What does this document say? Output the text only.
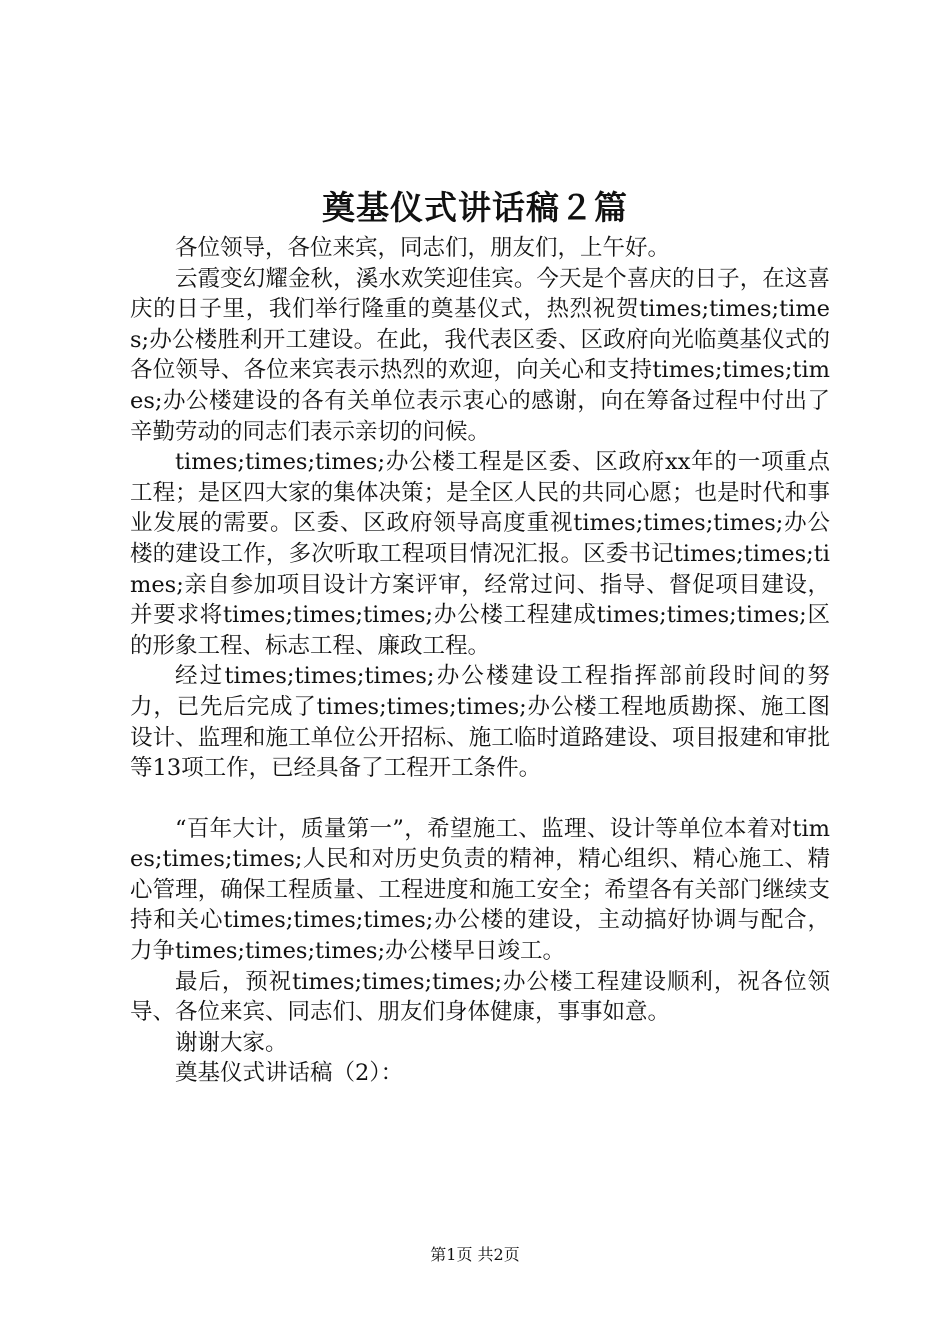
奠基仪式讲话稿２篇

各位领导，各位来宾，同志们，朋友们，上午好。

云霞变幻耀金秋，溪水欢笑迎佳宾。今天是个喜庆的日子，在这喜庆的日子里，我们举行隆重的奠基仪式，热烈祝贺times;times;times;办公楼胜利开工建设。在此，我代表区委、区政府向光临奠基仪式的各位领导、各位来宾表示热烈的欢迎，向关心和支持times;times;times;办公楼建设的各有关单位表示衷心的感谢，向在筹备过程中付出了辛勤劳动的同志们表示亲切的问候。

times;times;times;办公楼工程是区委、区政府xx年的一项重点工程；是区四大家的集体决策；是全区人民的共同心愿；也是时代和事业发展的需要。区委、区政府领导高度重视times;times;times;办公楼的建设工作，多次听取工程项目情况汇报。区委书记times;times;times;亲自参加项目设计方案评审，经常过问、指导、督促项目建设，并要求将times;times;times;办公楼工程建成times;times;times;区的形象工程、标志工程、廉政工程。

经过times;times;times;办公楼建设工程指挥部前段时间的努力，已先后完成了times;times;times;办公楼工程地质勘探、施工图设计、监理和施工单位公开招标、施工临时道路建设、项目报建和审批等13项工作，已经具备了工程开工条件。

“百年大计，质量第一”，希望施工、监理、设计等单位本着对times;times;times;人民和对历史负责的精神，精心组织、精心施工、精心管理，确保工程质量、工程进度和施工安全；希望各有关部门继续支持和关心times;times;times;办公楼的建设，主动搞好协调与配合，力争times;times;times;办公楼早日竣工。

最后，预祝times;times;times;办公楼工程建设顺利，祝各位领导、各位来宾、同志们、朋友们身体健康，事事如意。

谢谢大家。

奠基仪式讲话稿（2）：

第1页 共2页
